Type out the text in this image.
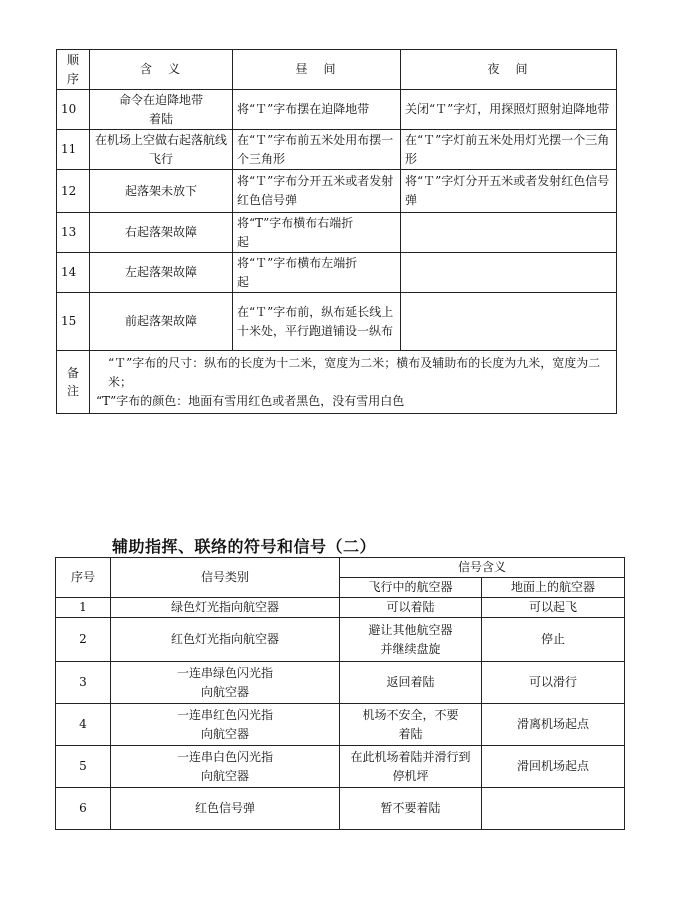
顺序	含　义	昼　间	夜　间
10	命令在迫降地带着陆	将“Ｔ”字布摆在迫降地带	关闭“Ｔ”字灯，用探照灯照射迫降地带
11	在机场上空做右起落航线飞行	在“Ｔ”字布前五米处用布摆一个三角形	在“Ｔ”字灯前五米处用灯光摆一个三角形
12	起落架未放下	将“Ｔ”字布分开五米或者发射红色信号弹	将“Ｔ”字灯分开五米或者发射红色信号弹
13	右起落架故障	将“T”字布横布右端折起	
14	左起落架故障	将“Ｔ”字布横布左端折起	
15	前起落架故障	在“Ｔ”字布前，纵布延长线上十米处，平行跑道铺设一纵布	
备注	“Ｔ”字布的尺寸：纵布的长度为十二米，宽度为二米；横布及辅助布的长度为九米，宽度为二米；
“T”字布的颜色：地面有雪用红色或者黑色，没有雪用白色		
辅助指挥、联络的符号和信号（二）
序号	信号类别	信号含义	
		飞行中的航空器	地面上的航空器
1	绿色灯光指向航空器	可以着陆	可以起飞
2	红色灯光指向航空器	避让其他航空器并继续盘旋	停止
3	一连串绿色闪光指向航空器	返回着陆	可以滑行
4	一连串红色闪光指向航空器	机场不安全，不要着陆	滑离机场起点
5	一连串白色闪光指向航空器	在此机场着陆并滑行到停机坪	滑回机场起点
6	红色信号弹	暂不要着陆	
